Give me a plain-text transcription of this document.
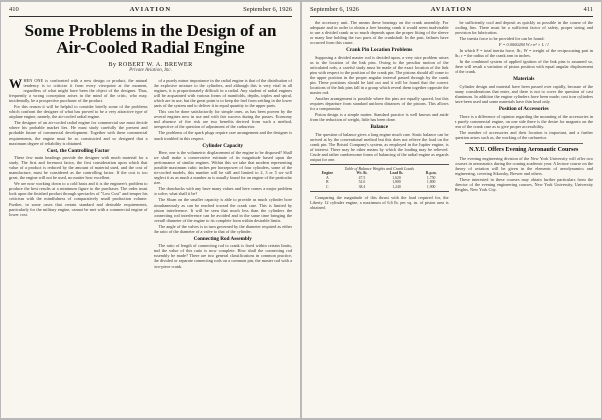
410	AVIATION	September 6, 1926
Some Problems in the Design of an
Air-Cooled Radial Engine
By ROBERT W. A. BREWER
Private Aviation, Inc.

WHEN ONE is confronted with a new design or product, the natural tendency is to criticize it from every viewpoint at the moment, regardless of what might have been the object of the designer. Thus, frequently a wrong conception arises in the mind of the critic, who may, incidentally, be a prospective purchaser of the product.

For this reason it will be helpful to consider briefly some of the problems which confront the designer of what has proved to be a very attractive type of airplane engine, namely, the air-cooled radial engine.

The designer of an air-cooled radial engine for commercial use must decide where his probable market lies. He must study carefully the present and probable future of commercial development. Together with these commercial requirements, the engine must be so constructed and so designed that a maximum degree of reliability is obtained.

Cost, the Controlling Factor

These few main headings provide the designer with much material for a study. The first and foremost factor, the first consideration upon which that value of a product is reduced by the amount of material used, and the cost of manufacture, must be considered as the controlling factor. If the cost is too great, the engine will not be used, no matter how excellent.

We are now working down to a cold basis and it is the engineer's problem to produce the best results at a minimum figure to the purchaser. The order must look upon the finished product through spectacles of "Low Cost" and temper his criticism with the mindfulness of comparatively small production volume. Further, in some cases that certain standard and desirable requirements, particularly for the military engine, cannot be met with a commercial engine of lower cost.

of a purely minor importance in the radial engine is that of the distribution of the explosive mixture to the cylinders, and although this is very vital in all engines, it is proportionately difficult in a radial. Any student of radial engines will be acquainted with various forms of manifolds, depths, triples and spiral, which are in use, but the great point is to keep the fuel from settling in the lower parts of the system and to deliver it in equal quantity to the upper parts.

This can be done satisfactorily for simple ones, as has been proven by the several engines now in use and with fair success during the passes. Economy and absence of fire risk are two benefits derived from such a method, irrespective of the question of adjustment of the carburetor.

The problems of the spark plugs require care arrangement and the designer is much troubled in this respect.

Cylinder Capacity

Here, one is the volumetric displacement of the engine to be disposed? Shall we shall make a conservative estimate of its magnitude based upon the performance of similar engines. Within this we take that modern representing possible maximum cubic inches per horsepower of four cylinders, some of the air-cooled models, this number will be still and limited to 2, 3 or 5 we will neglect it as as much a number as is usually found for an engine of the particular size.

The drawbacks with any have many values and here comes a major problem to solve; what shall it be?

The Sloan on the smaller capacity is able to provide as much cylinder bore simultaneously as can be reached toward the crank case. This is limited by piston interference. It will be seen that much less than the cylinders the connecting rod interference can be avoided and in the same time bringing the overall diameter of the engine to its complete form within desirable limits.

The angle of the valves is in turn governed by the diameter required as either the ratio of the diameter of a valve to that of the cylinder.

Connecting Rod Assembly

The ratio of length of connecting rod to crank is fixed within certain limits, and the value of this ratio is now complete. How shall the connecting rod assembly be made? There are two general classifications in common practice, the divided or separate connecting rods on a common pin, the master rod with a two-piece crank.

September 6, 1926	AVIATION	411

the accessory unit. The means these bearings on the crank assembly. For adequate and in order to obtain a free bearing crank it would seem inadvisable to use a divided crank as so much depends upon the proper fitting of the sleeve or many line holding the two parts of the crankshaft. In the past, failures have occurred from this cause.

Crank Pin Location Problems

Supposing a divided master rod is decided upon, a very nice problem arises as to the location of the link pins. Owing to the peculiar motion of the articulated rods, a careful study must be made of the exact location of the link pins with respect to the position of the crank pin. The pistons should all come to the upper position in the proper angular interval passed through by the crank pin. These positions should be laid out and it will be found that the correct locations of the link pins fall in a group which reveal them together opposite the master rod.

Another arrangement is possible where the pins are equally spaced, but this requires departure from standard uniform distances of the pistons. This allows for a compromise.

Piston design is a simple matter. Standard practice is well known and aside from the reduction of weight, little has been done.

Balance

The question of balance gives a long engine much care. Static balance can be arrived at by the conventional method but this does not relieve the load on the crank pin. The Bristol Company's system, as employed in the Jupiter engine, is of interest. There may be other means by which the loading may be relieved. Crude and rather cumbersome forms of balancing of the radial engine as regards output for one.

Table of Balance Weights and Crank Loads
Engine	Wt. lb.	Load lb.	R.p.m.
A	47.5	1,620	1,750
B	52.0	1,880	1,800
C	38.4	1,240	1,900

Comparing the magnitude of this thrust with the load required for, the Liberty 12 cylinder engine, a maximum of 6,6 lb. per sq. in. of piston area is obtained.

be sufficiently cool and deposit as quickly as possible in the course of the cooling fins. There must be a sufficient factor of safety, proper sizing and provision for lubrication.

The inertia force to be provided for can be found:

F = 0.0000284 W r n² × L / l

In which F = total inertia force, lb.; W = weight of the reciprocating part in lb.; r = the radius of the crank arm in inches.

In the combined system of applied ignition of the link pins is assumed so, there will result a variation of piston position with equal angular displacement of the crank.

Materials

Cylinder design and material have been passed over rapidly, because of the many considerations that enter, and there is not to cover the question of cast aluminum. In addition the engine cylinders have been made; cast iron cylinders have been used and some materials have thin head only.

Position of Accessories

There is a difference of opinion regarding the mounting of the accessories in a purely commercial engine, on one side there is the desire for magneto on the rear of the crank case as to give proper accessibility.

The number of accessories and their location is important, and a further question arises such as, the working of the carburetor.

N.Y.U. Offers Evening Aeronautic Courses

The evening engineering division of the New York University will offer two courses in aeronautics during the coming academic year. A lecture course on the theory of aviation will be given in the elements of aerodynamics and engineering, covering Sikorsky, Brewer and others.

These interested in these courses may obtain further particulars from the director of the evening engineering courses, New York University, University Heights, New York City.
